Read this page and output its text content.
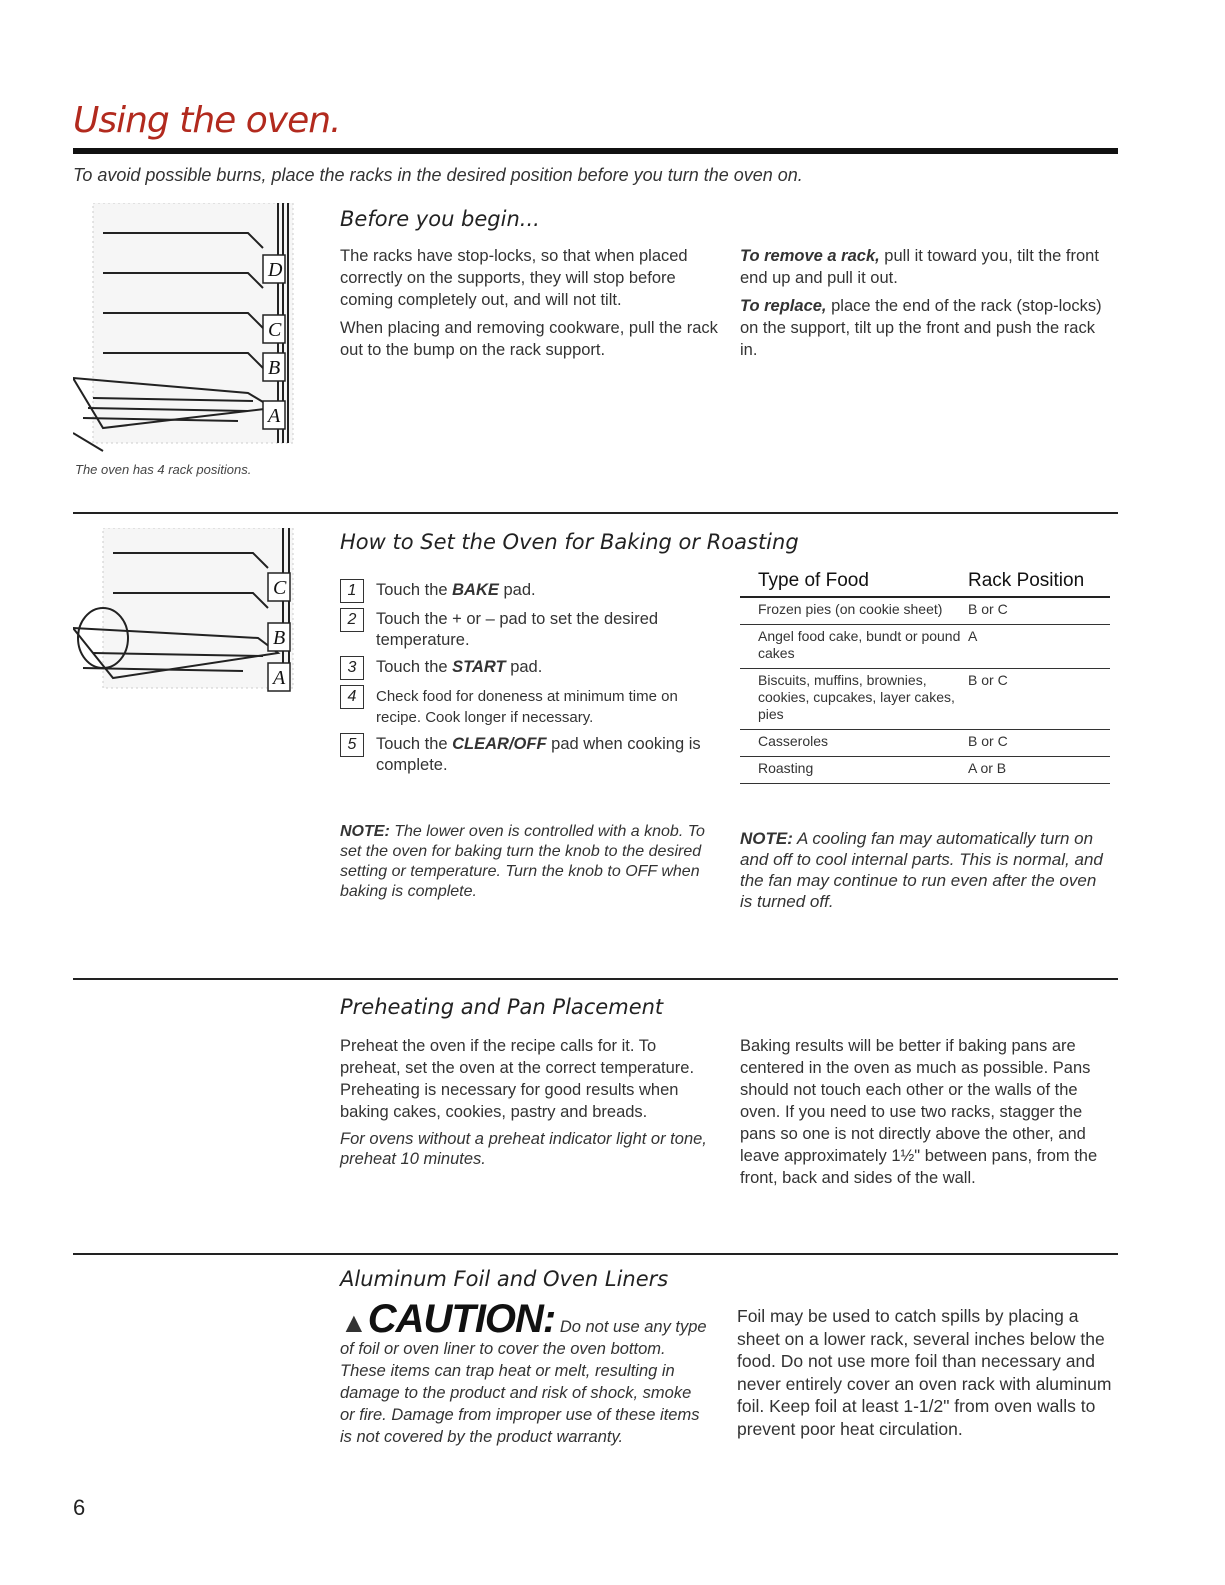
Using the oven.
To avoid possible burns, place the racks in the desired position before you turn the oven on.
D
C
B
A
The oven has 4 rack positions.
Before you begin...

The racks have stop-locks, so that when placed correctly on the supports, they will stop before coming completely out, and will not tilt.

When placing and removing cookware, pull the rack out to the bump on the rack support.

To remove a rack, pull it toward you, tilt the front end up and pull it out.

To replace, place the end of the rack (stop-locks) on the support, tilt up the front and push the rack in.

C
B
A
How to Set the Oven for Baking or Roasting
1	Touch the BAKE pad.
2	Touch the + or – pad to set the desired temperature.
3	Touch the START pad.
4	Check food for doneness at minimum time on recipe. Cook longer if necessary.
5	Touch the CLEAR/OFF pad when cooking is complete.
NOTE: The lower oven is controlled with a knob. To set the oven for baking turn the knob to the desired setting or temperature. Turn the knob to OFF when baking is complete.
Type of Food	Rack Position
Frozen pies (on cookie sheet)	B or C
Angel food cake, bundt or pound cakes	A
Biscuits, muffins, brownies, cookies, cupcakes, layer cakes, pies	B or C
Casseroles	B or C
Roasting	A or B
NOTE: A cooling fan may automatically turn on and off to cool internal parts. This is normal, and the fan may continue to run even after the oven is turned off.
Preheating and Pan Placement

Preheat the oven if the recipe calls for it. To preheat, set the oven at the correct temperature. Preheating is necessary for good results when baking cakes, cookies, pastry and breads.

For ovens without a preheat indicator light or tone, preheat 10 minutes.

Baking results will be better if baking pans are centered in the oven as much as possible. Pans should not touch each other or the walls of the oven. If you need to use two racks, stagger the pans so one is not directly above the other, and leave approximately 1½" between pans, from the front, back and sides of the wall.
Aluminum Foil and Oven Liners
▲CAUTION: Do not use any type of foil or oven liner to cover the oven bottom. These items can trap heat or melt, resulting in damage to the product and risk of shock, smoke or fire. Damage from improper use of these items is not covered by the product warranty.
Foil may be used to catch spills by placing a sheet on a lower rack, several inches below the food. Do not use more foil than necessary and never entirely cover an oven rack with aluminum foil. Keep foil at least 1-1/2" from oven walls to prevent poor heat circulation.
6
